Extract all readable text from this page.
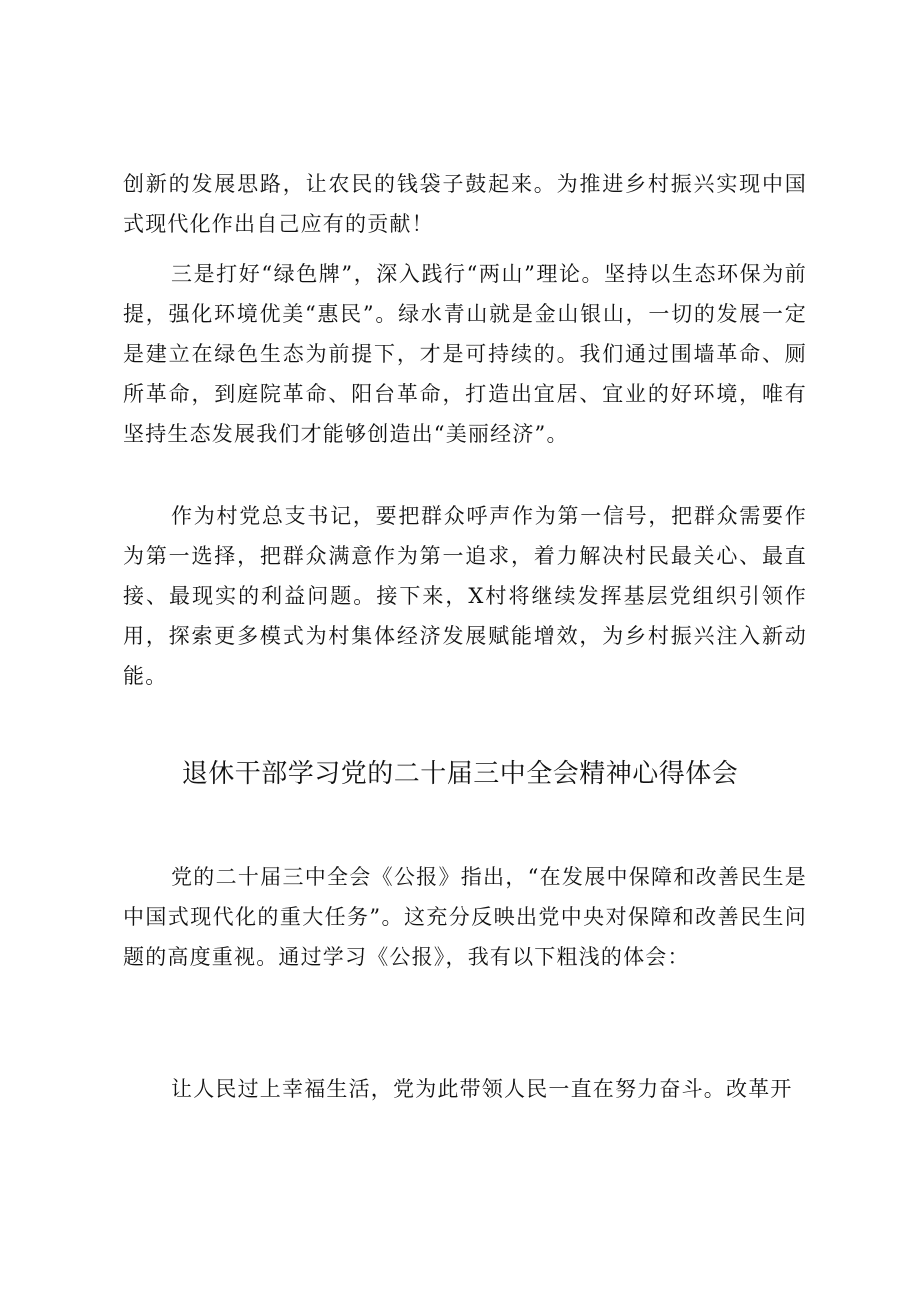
创新的发展思路，让农民的钱袋子鼓起来。为推进乡村振兴实现中国式现代化作出自己应有的贡献！

三是打好“绿色牌”，深入践行“两山”理论。坚持以生态环保为前提，强化环境优美“惠民”。绿水青山就是金山银山，一切的发展一定是建立在绿色生态为前提下，才是可持续的。我们通过围墙革命、厕所革命，到庭院革命、阳台革命，打造出宜居、宜业的好环境，唯有坚持生态发展我们才能够创造出“美丽经济”。

作为村党总支书记，要把群众呼声作为第一信号，把群众需要作为第一选择，把群众满意作为第一追求，着力解决村民最关心、最直接、最现实的利益问题。接下来，X村将继续发挥基层党组织引领作用，探索更多模式为村集体经济发展赋能增效，为乡村振兴注入新动能。

退休干部学习党的二十届三中全会精神心得体会

党的二十届三中全会《公报》指出，“在发展中保障和改善民生是中国式现代化的重大任务”。这充分反映出党中央对保障和改善民生问题的高度重视。通过学习《公报》，我有以下粗浅的体会：

让人民过上幸福生活，党为此带领人民一直在努力奋斗。改革开
